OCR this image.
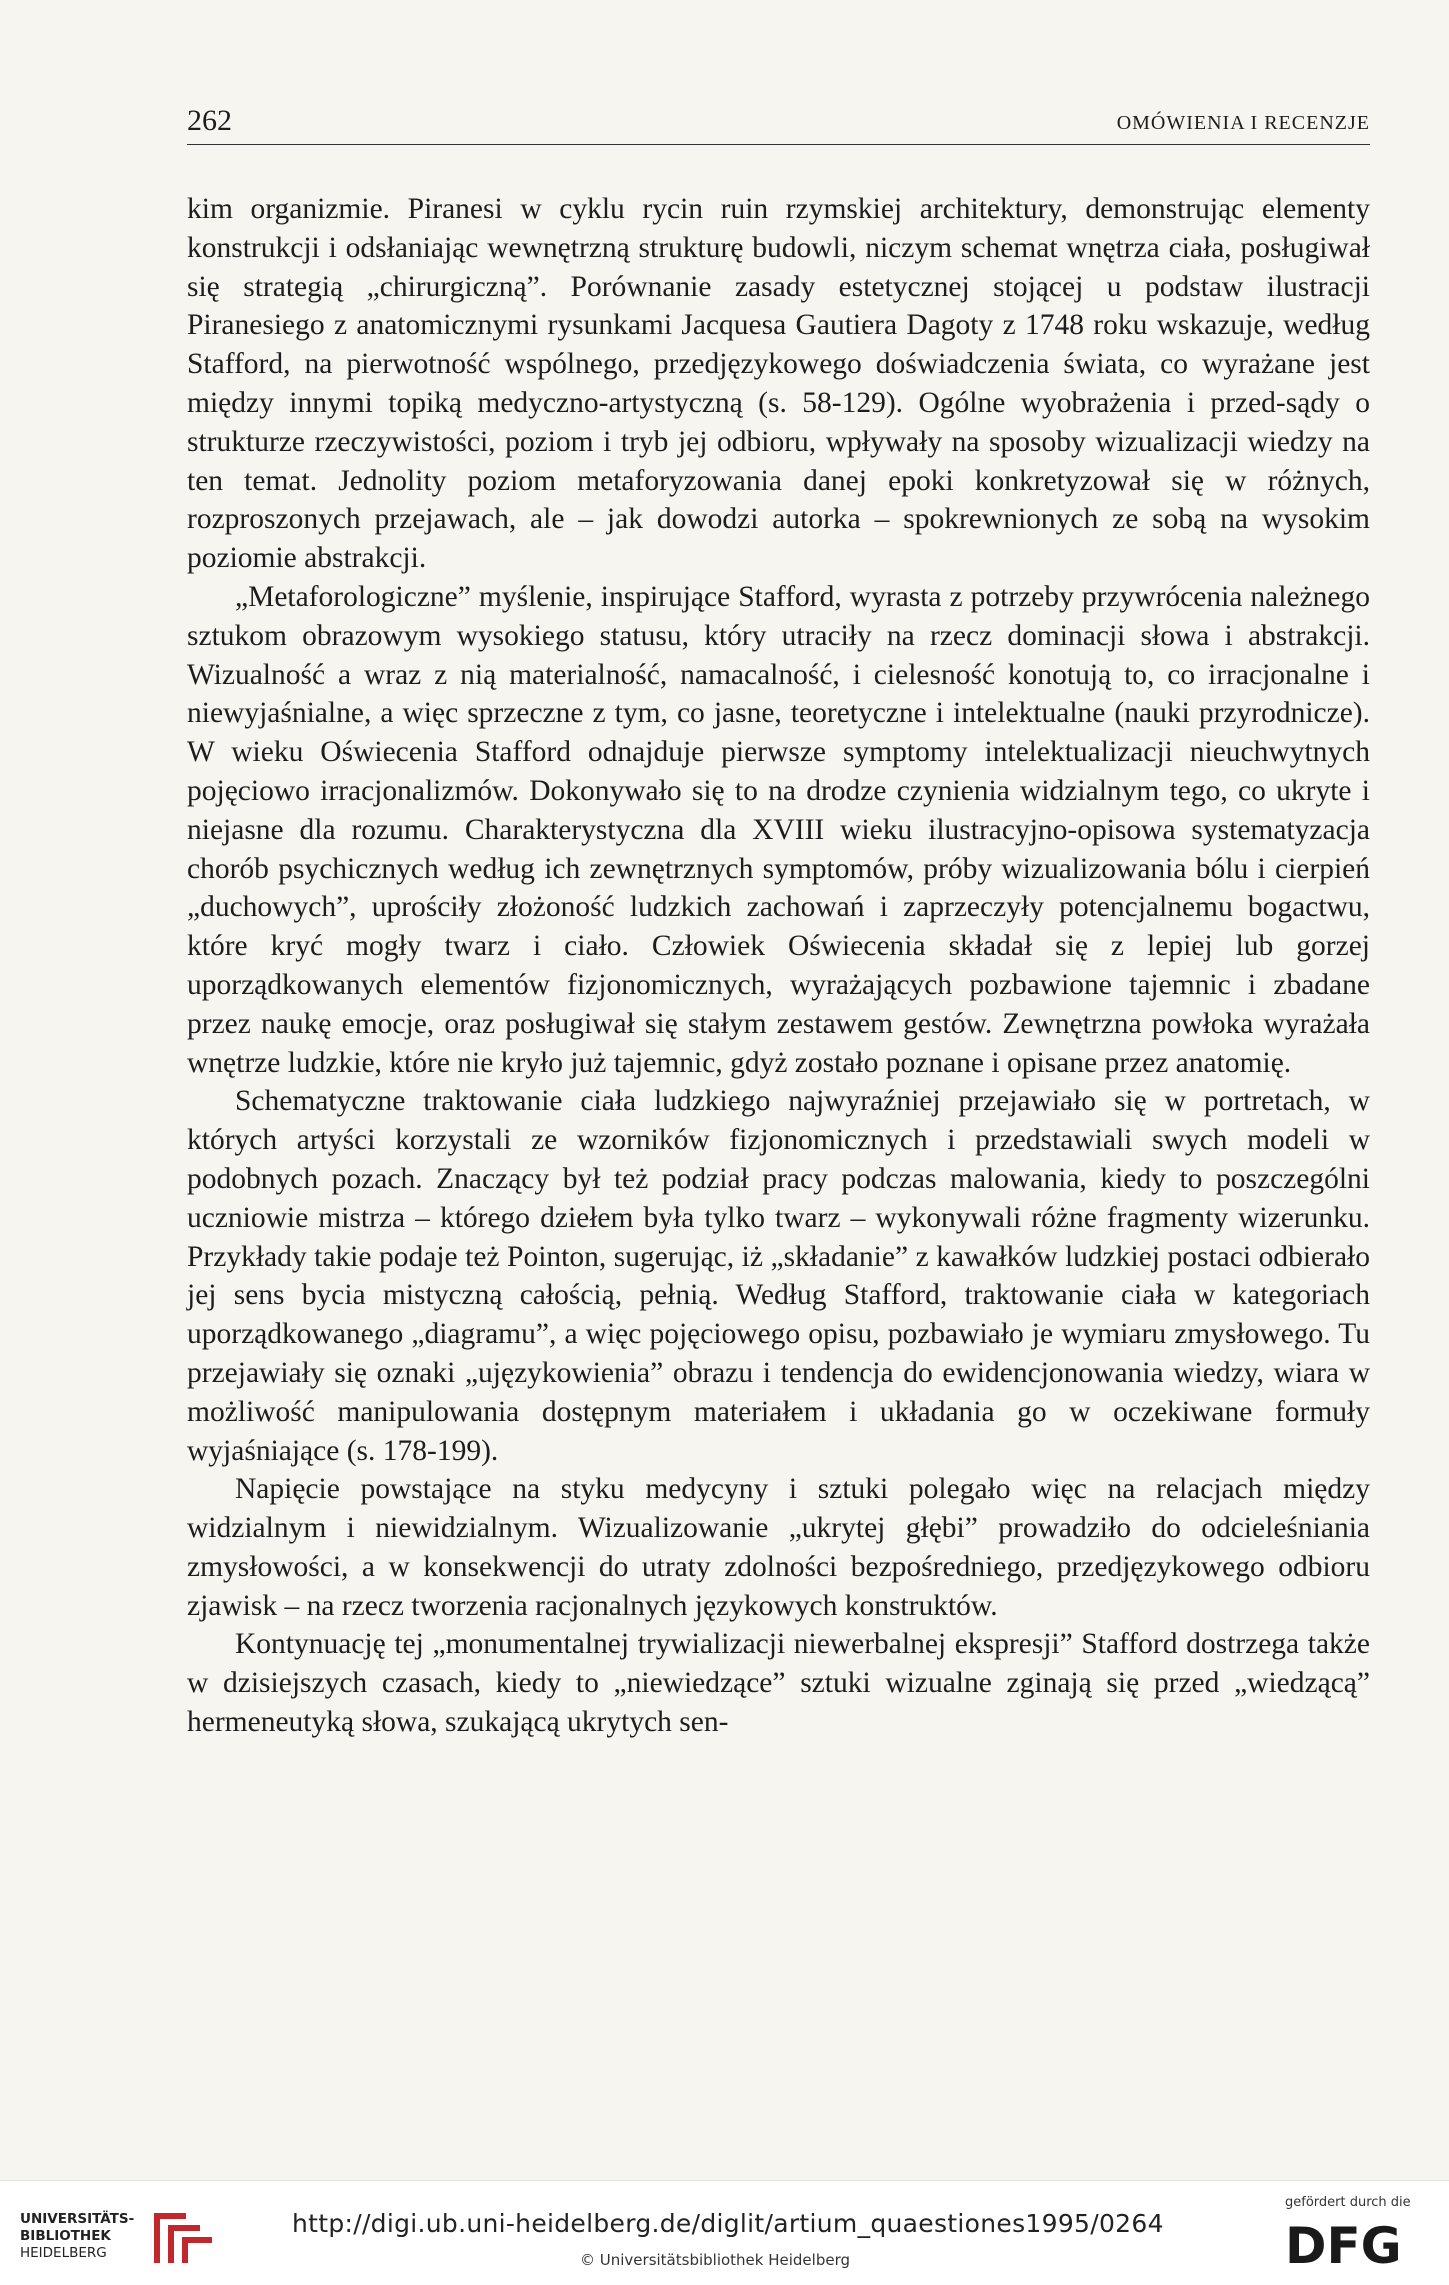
262	OMÓWIENIA I RECENZJE

kim organizmie. Piranesi w cyklu rycin ruin rzymskiej architektury, demonstrując elementy konstrukcji i odsłaniając wewnętrzną strukturę budowli, niczym schemat wnętrza ciała, posługiwał się strategią „chirurgiczną”. Porównanie zasady estetycznej stojącej u podstaw ilustracji Piranesiego z anatomicznymi rysunkami Jacquesa Gautiera Dagoty z 1748 roku wskazuje, według Stafford, na pierwotność wspólnego, przedjęzykowego doświadczenia świata, co wyrażane jest między innymi topiką medyczno-artystyczną (s. 58-129). Ogólne wyobrażenia i przed-sądy o strukturze rzeczywistości, poziom i tryb jej odbioru, wpływały na sposoby wizualizacji wiedzy na ten temat. Jednolity poziom metaforyzowania danej epoki konkretyzował się w różnych, rozproszonych przejawach, ale – jak dowodzi autorka – spokrewnionych ze sobą na wysokim poziomie abstrakcji.

„Metaforologiczne” myślenie, inspirujące Stafford, wyrasta z potrzeby przywrócenia należnego sztukom obrazowym wysokiego statusu, który utraciły na rzecz dominacji słowa i abstrakcji. Wizualność a wraz z nią materialność, namacalność, i cielesność konotują to, co irracjonalne i niewyjaśnialne, a więc sprzeczne z tym, co jasne, teoretyczne i intelektualne (nauki przyrodnicze). W wieku Oświecenia Stafford odnajduje pierwsze symptomy intelektualizacji nieuchwytnych pojęciowo irracjonalizmów. Dokonywało się to na drodze czynienia widzialnym tego, co ukryte i niejasne dla rozumu. Charakterystyczna dla XVIII wieku ilustracyjno-opisowa systematyzacja chorób psychicznych według ich zewnętrznych symptomów, próby wizualizowania bólu i cierpień „duchowych”, uprościły złożoność ludzkich zachowań i zaprzeczyły potencjalnemu bogactwu, które kryć mogły twarz i ciało. Człowiek Oświecenia składał się z lepiej lub gorzej uporządkowanych elementów fizjonomicznych, wyrażających pozbawione tajemnic i zbadane przez naukę emocje, oraz posługiwał się stałym zestawem gestów. Zewnętrzna powłoka wyrażała wnętrze ludzkie, które nie kryło już tajemnic, gdyż zostało poznane i opisane przez anatomię.

Schematyczne traktowanie ciała ludzkiego najwyraźniej przejawiało się w portretach, w których artyści korzystali ze wzorników fizjonomicznych i przedstawiali swych modeli w podobnych pozach. Znaczący był też podział pracy podczas malowania, kiedy to poszczególni uczniowie mistrza – którego dziełem była tylko twarz – wykonywali różne fragmenty wizerunku. Przykłady takie podaje też Pointon, sugerując, iż „składanie” z kawałków ludzkiej postaci odbierało jej sens bycia mistyczną całością, pełnią. Według Stafford, traktowanie ciała w kategoriach uporządkowanego „diagramu”, a więc pojęciowego opisu, pozbawiało je wymiaru zmysłowego. Tu przejawiały się oznaki „ujęzykowienia” obrazu i tendencja do ewidencjonowania wiedzy, wiara w możliwość manipulowania dostępnym materiałem i układania go w oczekiwane formuły wyjaśniające (s. 178-199).

Napięcie powstające na styku medycyny i sztuki polegało więc na relacjach między widzialnym i niewidzialnym. Wizualizowanie „ukrytej głębi” prowadziło do odcieleśniania zmysłowości, a w konsekwencji do utraty zdolności bezpośredniego, przedjęzykowego odbioru zjawisk – na rzecz tworzenia racjonalnych językowych konstruktów.

Kontynuację tej „monumentalnej trywializacji niewerbalnej ekspresji” Stafford dostrzega także w dzisiejszych czasach, kiedy to „niewiedzące” sztuki wizualne zginają się przed „wiedzącą” hermeneutyką słowa, szukającą ukrytych sen-

UNIVERSITÄTS-
BIBLIOTHEK
HEIDELBERG
http://digi.ub.uni-heidelberg.de/diglit/artium_quaestiones1995/0264
© Universitätsbibliothek Heidelberg
gefördert durch die
DFG
